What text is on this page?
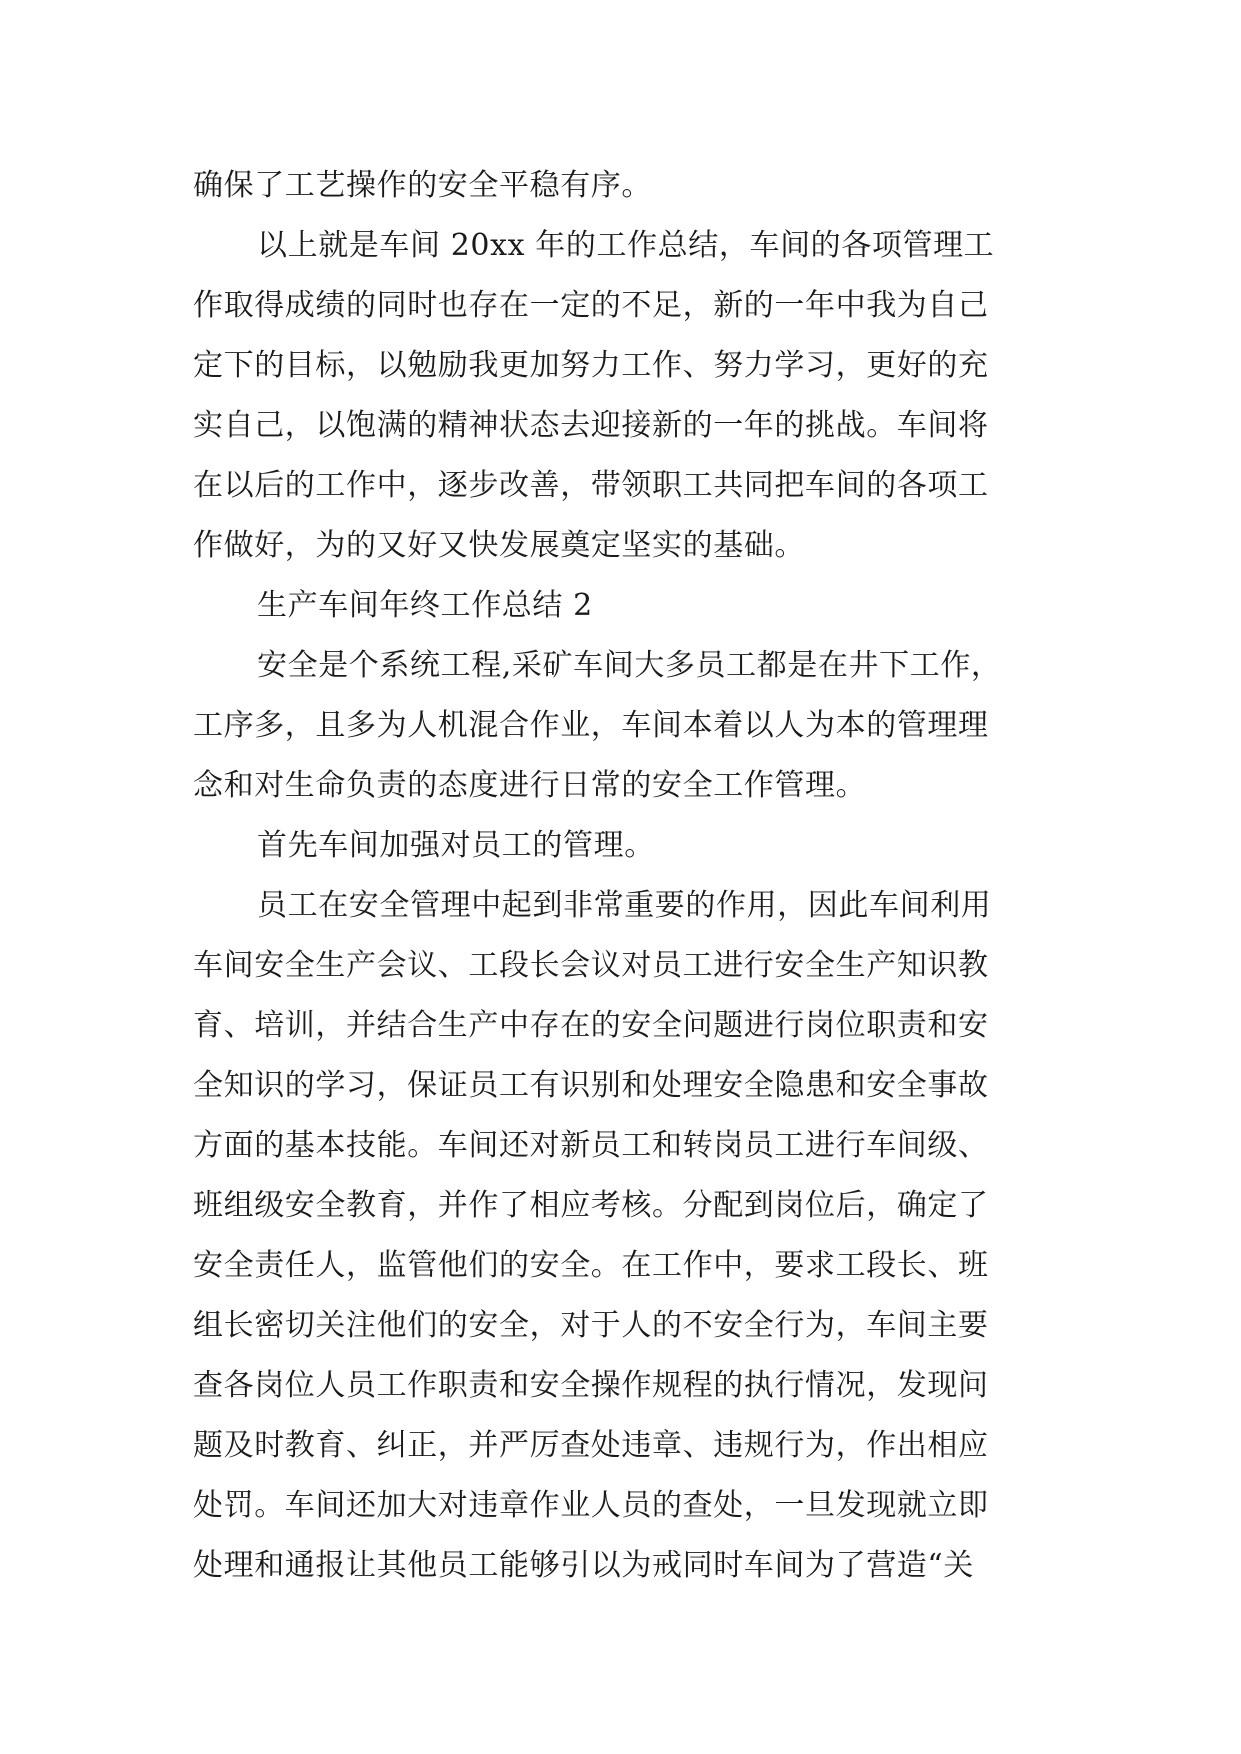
确保了工艺操作的安全平稳有序。
以上就是车间 20xx 年的工作总结，车间的各项管理工
作取得成绩的同时也存在一定的不足，新的一年中我为自己
定下的目标，以勉励我更加努力工作、努力学习，更好的充
实自己，以饱满的精神状态去迎接新的一年的挑战。车间将
在以后的工作中，逐步改善，带领职工共同把车间的各项工
作做好，为的又好又快发展奠定坚实的基础。
生产车间年终工作总结 2
安全是个系统工程,采矿车间大多员工都是在井下工作，
工序多，且多为人机混合作业，车间本着以人为本的管理理
念和对生命负责的态度进行日常的安全工作管理。
首先车间加强对员工的管理。
员工在安全管理中起到非常重要的作用，因此车间利用
车间安全生产会议、工段长会议对员工进行安全生产知识教
育、培训，并结合生产中存在的安全问题进行岗位职责和安
全知识的学习，保证员工有识别和处理安全隐患和安全事故
方面的基本技能。车间还对新员工和转岗员工进行车间级、
班组级安全教育，并作了相应考核。分配到岗位后，确定了
安全责任人，监管他们的安全。在工作中，要求工段长、班
组长密切关注他们的安全，对于人的不安全行为，车间主要
查各岗位人员工作职责和安全操作规程的执行情况，发现问
题及时教育、纠正，并严厉查处违章、违规行为，作出相应
处罚。车间还加大对违章作业人员的查处，一旦发现就立即
处理和通报让其他员工能够引以为戒同时车间为了营造“关
